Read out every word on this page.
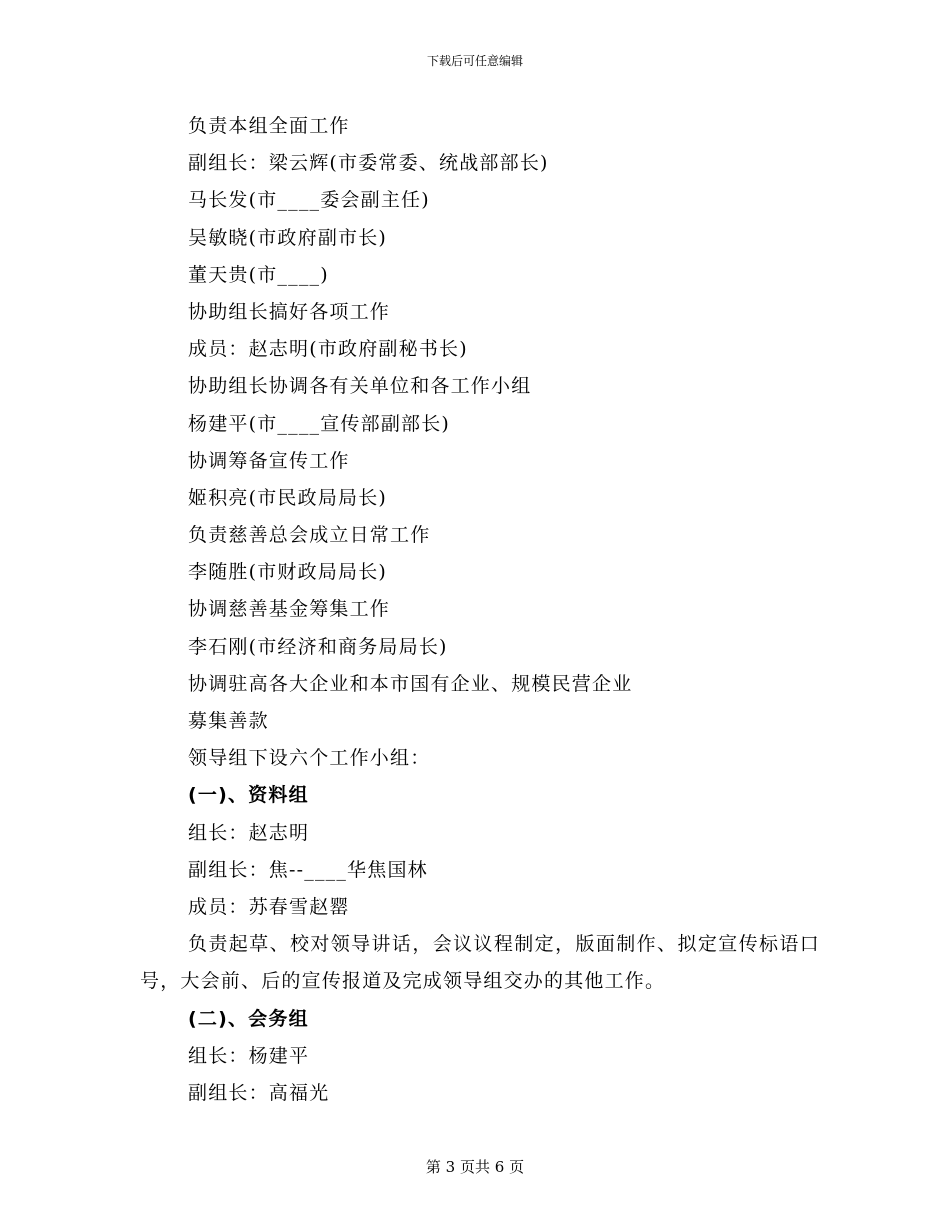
下载后可任意编辑
负责本组全面工作
副组长：梁云辉(市委常委、统战部部长)
马长发(市____委会副主任)
吴敏晓(市政府副市长)
董天贵(市____)
协助组长搞好各项工作
成员：赵志明(市政府副秘书长)
协助组长协调各有关单位和各工作小组
杨建平(市____宣传部副部长)
协调筹备宣传工作
姬积亮(市民政局局长)
负责慈善总会成立日常工作
李随胜(市财政局局长)
协调慈善基金筹集工作
李石刚(市经济和商务局局长)
协调驻高各大企业和本市国有企业、规模民营企业
募集善款
领导组下设六个工作小组：
(一)、资料组
组长：赵志明
副组长：焦--____华焦国林
成员：苏春雪赵罂

负责起草、校对领导讲话，会议议程制定，版面制作、拟定宣传标语口号，大会前、后的宣传报道及完成领导组交办的其他工作。

(二)、会务组
组长：杨建平
副组长：高福光
第 3 页共 6 页
